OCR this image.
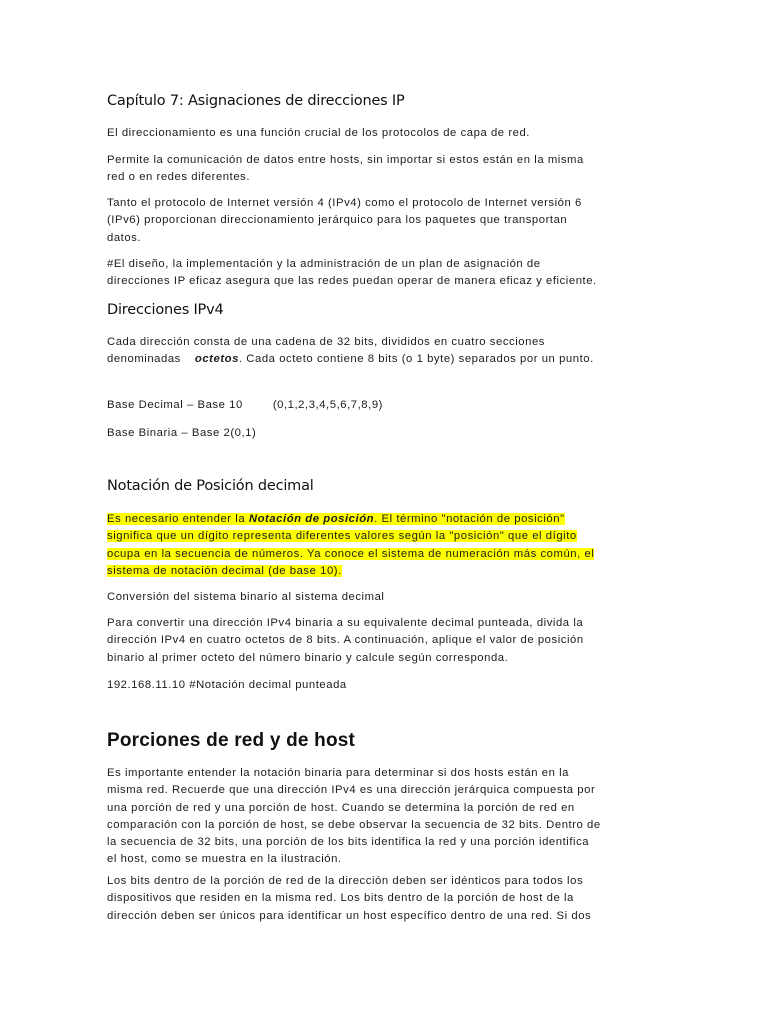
Capítulo 7: Asignaciones de direcciones IP

El direccionamiento es una función crucial de los protocolos de capa de red.

Permite la comunicación de datos entre hosts, sin importar si estos están en la misma
red o en redes diferentes.

Tanto el protocolo de Internet versión 4 (IPv4) como el protocolo de Internet versión 6
(IPv6) proporcionan direccionamiento jerárquico para los paquetes que transportan
datos.

#El diseño, la implementación y la administración de un plan de asignación de
direcciones IP eficaz asegura que las redes puedan operar de manera eficaz y eficiente.

Direcciones IPv4

Cada dirección consta de una cadena de 32 bits, divididos en cuatro secciones
denominadas octetos. Cada octeto contiene 8 bits (o 1 byte) separados por un punto.

Base Decimal – Base 10	(0,1,2,3,4,5,6,7,8,9)

Base Binaria – Base 2(0,1)

Notación de Posición decimal

Es necesario entender la Notación de posición. El término "notación de posición"
significa que un dígito representa diferentes valores según la "posición" que el dígito
ocupa en la secuencia de números. Ya conoce el sistema de numeración más común, el
sistema de notación decimal (de base 10).

Conversión del sistema binario al sistema decimal

Para convertir una dirección IPv4 binaria a su equivalente decimal punteada, divida la
dirección IPv4 en cuatro octetos de 8 bits. A continuación, aplique el valor de posición
binario al primer octeto del número binario y calcule según corresponda.

192.168.11.10 #Notación decimal punteada

Porciones de red y de host

Es importante entender la notación binaria para determinar si dos hosts están en la
misma red. Recuerde que una dirección IPv4 es una dirección jerárquica compuesta por
una porción de red y una porción de host. Cuando se determina la porción de red en
comparación con la porción de host, se debe observar la secuencia de 32 bits. Dentro de
la secuencia de 32 bits, una porción de los bits identifica la red y una porción identifica
el host, como se muestra en la ilustración.

Los bits dentro de la porción de red de la dirección deben ser idénticos para todos los
dispositivos que residen en la misma red. Los bits dentro de la porción de host de la
dirección deben ser únicos para identificar un host específico dentro de una red. Si dos
